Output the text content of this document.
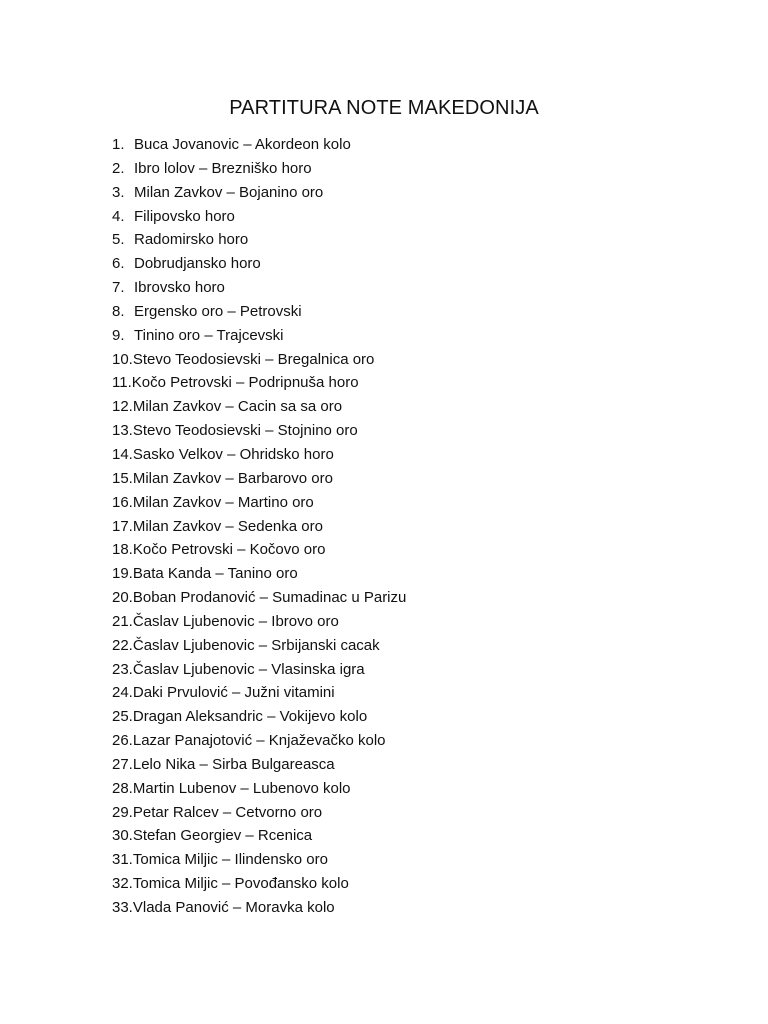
PARTITURA NOTE MAKEDONIJA
1. Buca Jovanovic – Akordeon kolo
2. Ibro lolov – Brezniško horo
3. Milan Zavkov – Bojanino oro
4. Filipovsko horo
5. Radomirsko horo
6. Dobrudjansko horo
7. Ibrovsko horo
8. Ergensko oro – Petrovski
9. Tinino oro – Trajcevski
10. Stevo Teodosievski – Bregalnica oro
11. Kočo Petrovski – Podripnuša horo
12. Milan Zavkov – Cacin sa sa oro
13. Stevo Teodosievski – Stojnino oro
14. Sasko Velkov – Ohridsko horo
15. Milan Zavkov – Barbarovo oro
16. Milan Zavkov – Martino oro
17. Milan Zavkov – Sedenka oro
18. Kočo Petrovski – Kočovo oro
19. Bata Kanda – Tanino oro
20. Boban Prodanović – Sumadinac u Parizu
21. Časlav Ljubenovic – Ibrovo oro
22. Časlav Ljubenovic – Srbijanski cacak
23. Časlav Ljubenovic – Vlasinska igra
24. Daki Prvulović – Južni vitamini
25. Dragan Aleksandric – Vokijevo kolo
26. Lazar Panajotović – Knjaževačko kolo
27. Lelo Nika – Sirba Bulgareasca
28. Martin Lubenov – Lubenovo kolo
29. Petar Ralcev – Cetvorno oro
30. Stefan Georgiev – Rcenica
31. Tomica Miljic – Ilindensko oro
32. Tomica Miljic – Povođansko kolo
33. Vlada Panović – Moravka kolo
